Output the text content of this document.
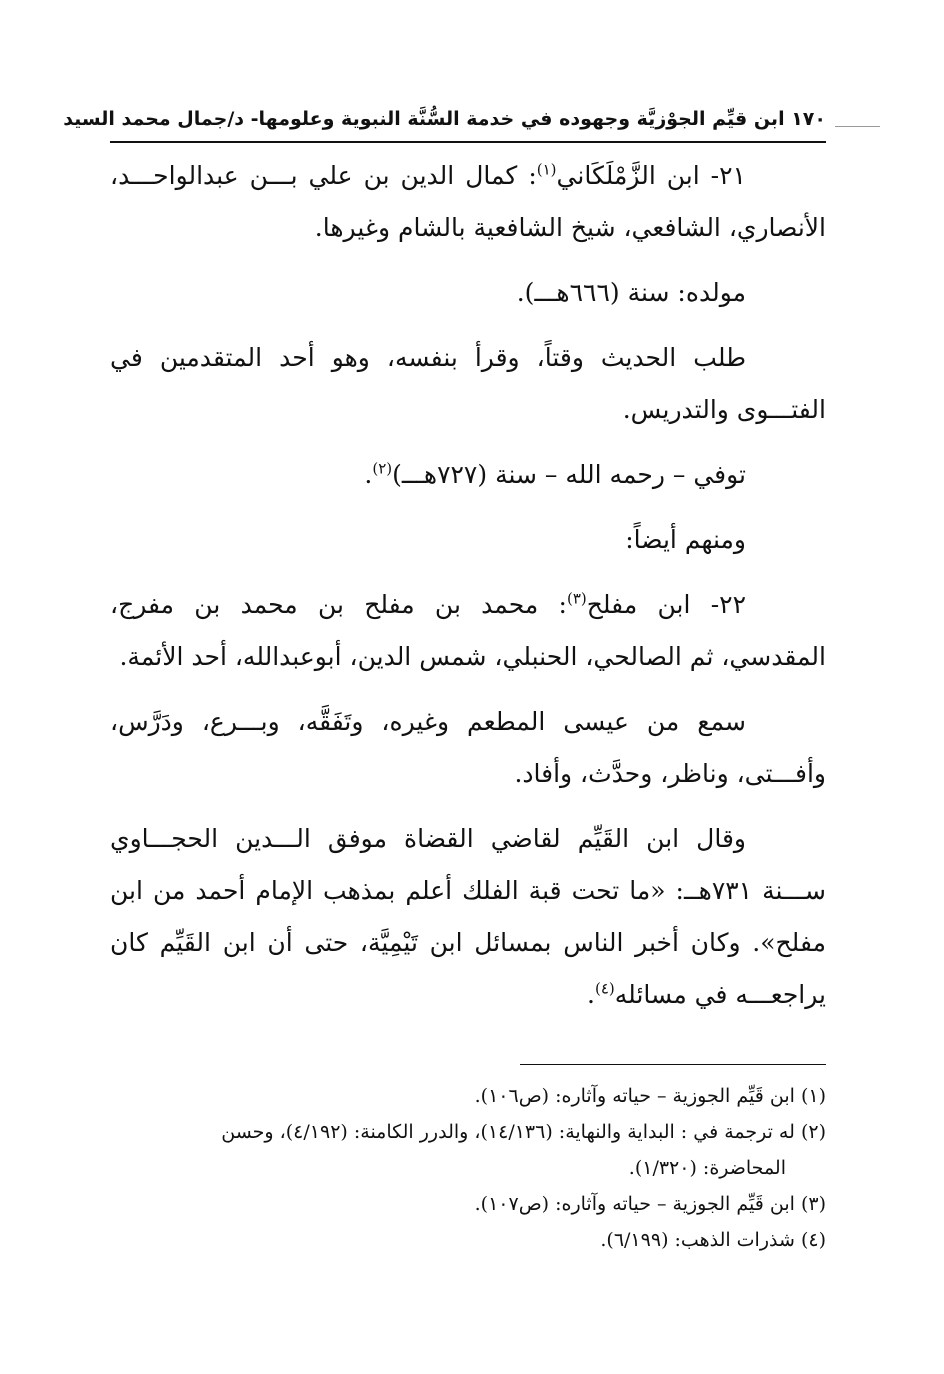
١٧٠ ابن قيِّم الجوْزيَّة وجهوده في خدمة السُّنَّة النبوية وعلومها- د/جمال محمد السيد

٢١- ابن الزَّمْلَكَاني$^{(١)}$: كمال الدين بن علي بـــن عبدالواحـــد، الأنصاري، الشافعي، شيخ الشافعية بالشام وغيرها.

مولده: سنة (٦٦٦هـــ).

طلب الحديث وقتاً، وقرأ بنفسه، وهو أحد المتقدمين في الفتـــوى والتدريس.

توفي – رحمه الله – سنة (٧٢٧هـــ)$^{(٢)}$.

ومنهم أيضاً:

٢٢- ابن مفلح$^{(٣)}$: محمد بن مفلح بن محمد بن مفرج، المقدسي، ثم الصالحي، الحنبلي، شمس الدين، أبوعبدالله، أحد الأئمة.

سمع من عيسى المطعم وغيره، وتَفَقَّه، وبـــرع، ودَرَّس، وأفـــتى، وناظر، وحدَّث، وأفاد.

وقال ابن القَيِّم لقاضي القضاة موفق الـــدين الحجـــاوي ســـنة ٧٣١هــ: «ما تحت قبة الفلك أعلم بمذهب الإمام أحمد من ابن مفلح». وكان أخبر الناس بمسائل ابن تَيْمِيَّة، حتى أن ابن القَيِّم كان يراجعـــه في مسائله$^{(٤)}$.

(١) ابن قَيِّم الجوزية – حياته وآثاره: (ص١٠٦).

(٢) له ترجمة في : البداية والنهاية: (١٤/١٣٦)، والدرر الكامنة: (٤/١٩٢)، وحسن

المحاضرة: (١/٣٢٠).

(٣) ابن قَيِّم الجوزية – حياته وآثاره: (ص١٠٧).

(٤) شذرات الذهب: (٦/١٩٩).
